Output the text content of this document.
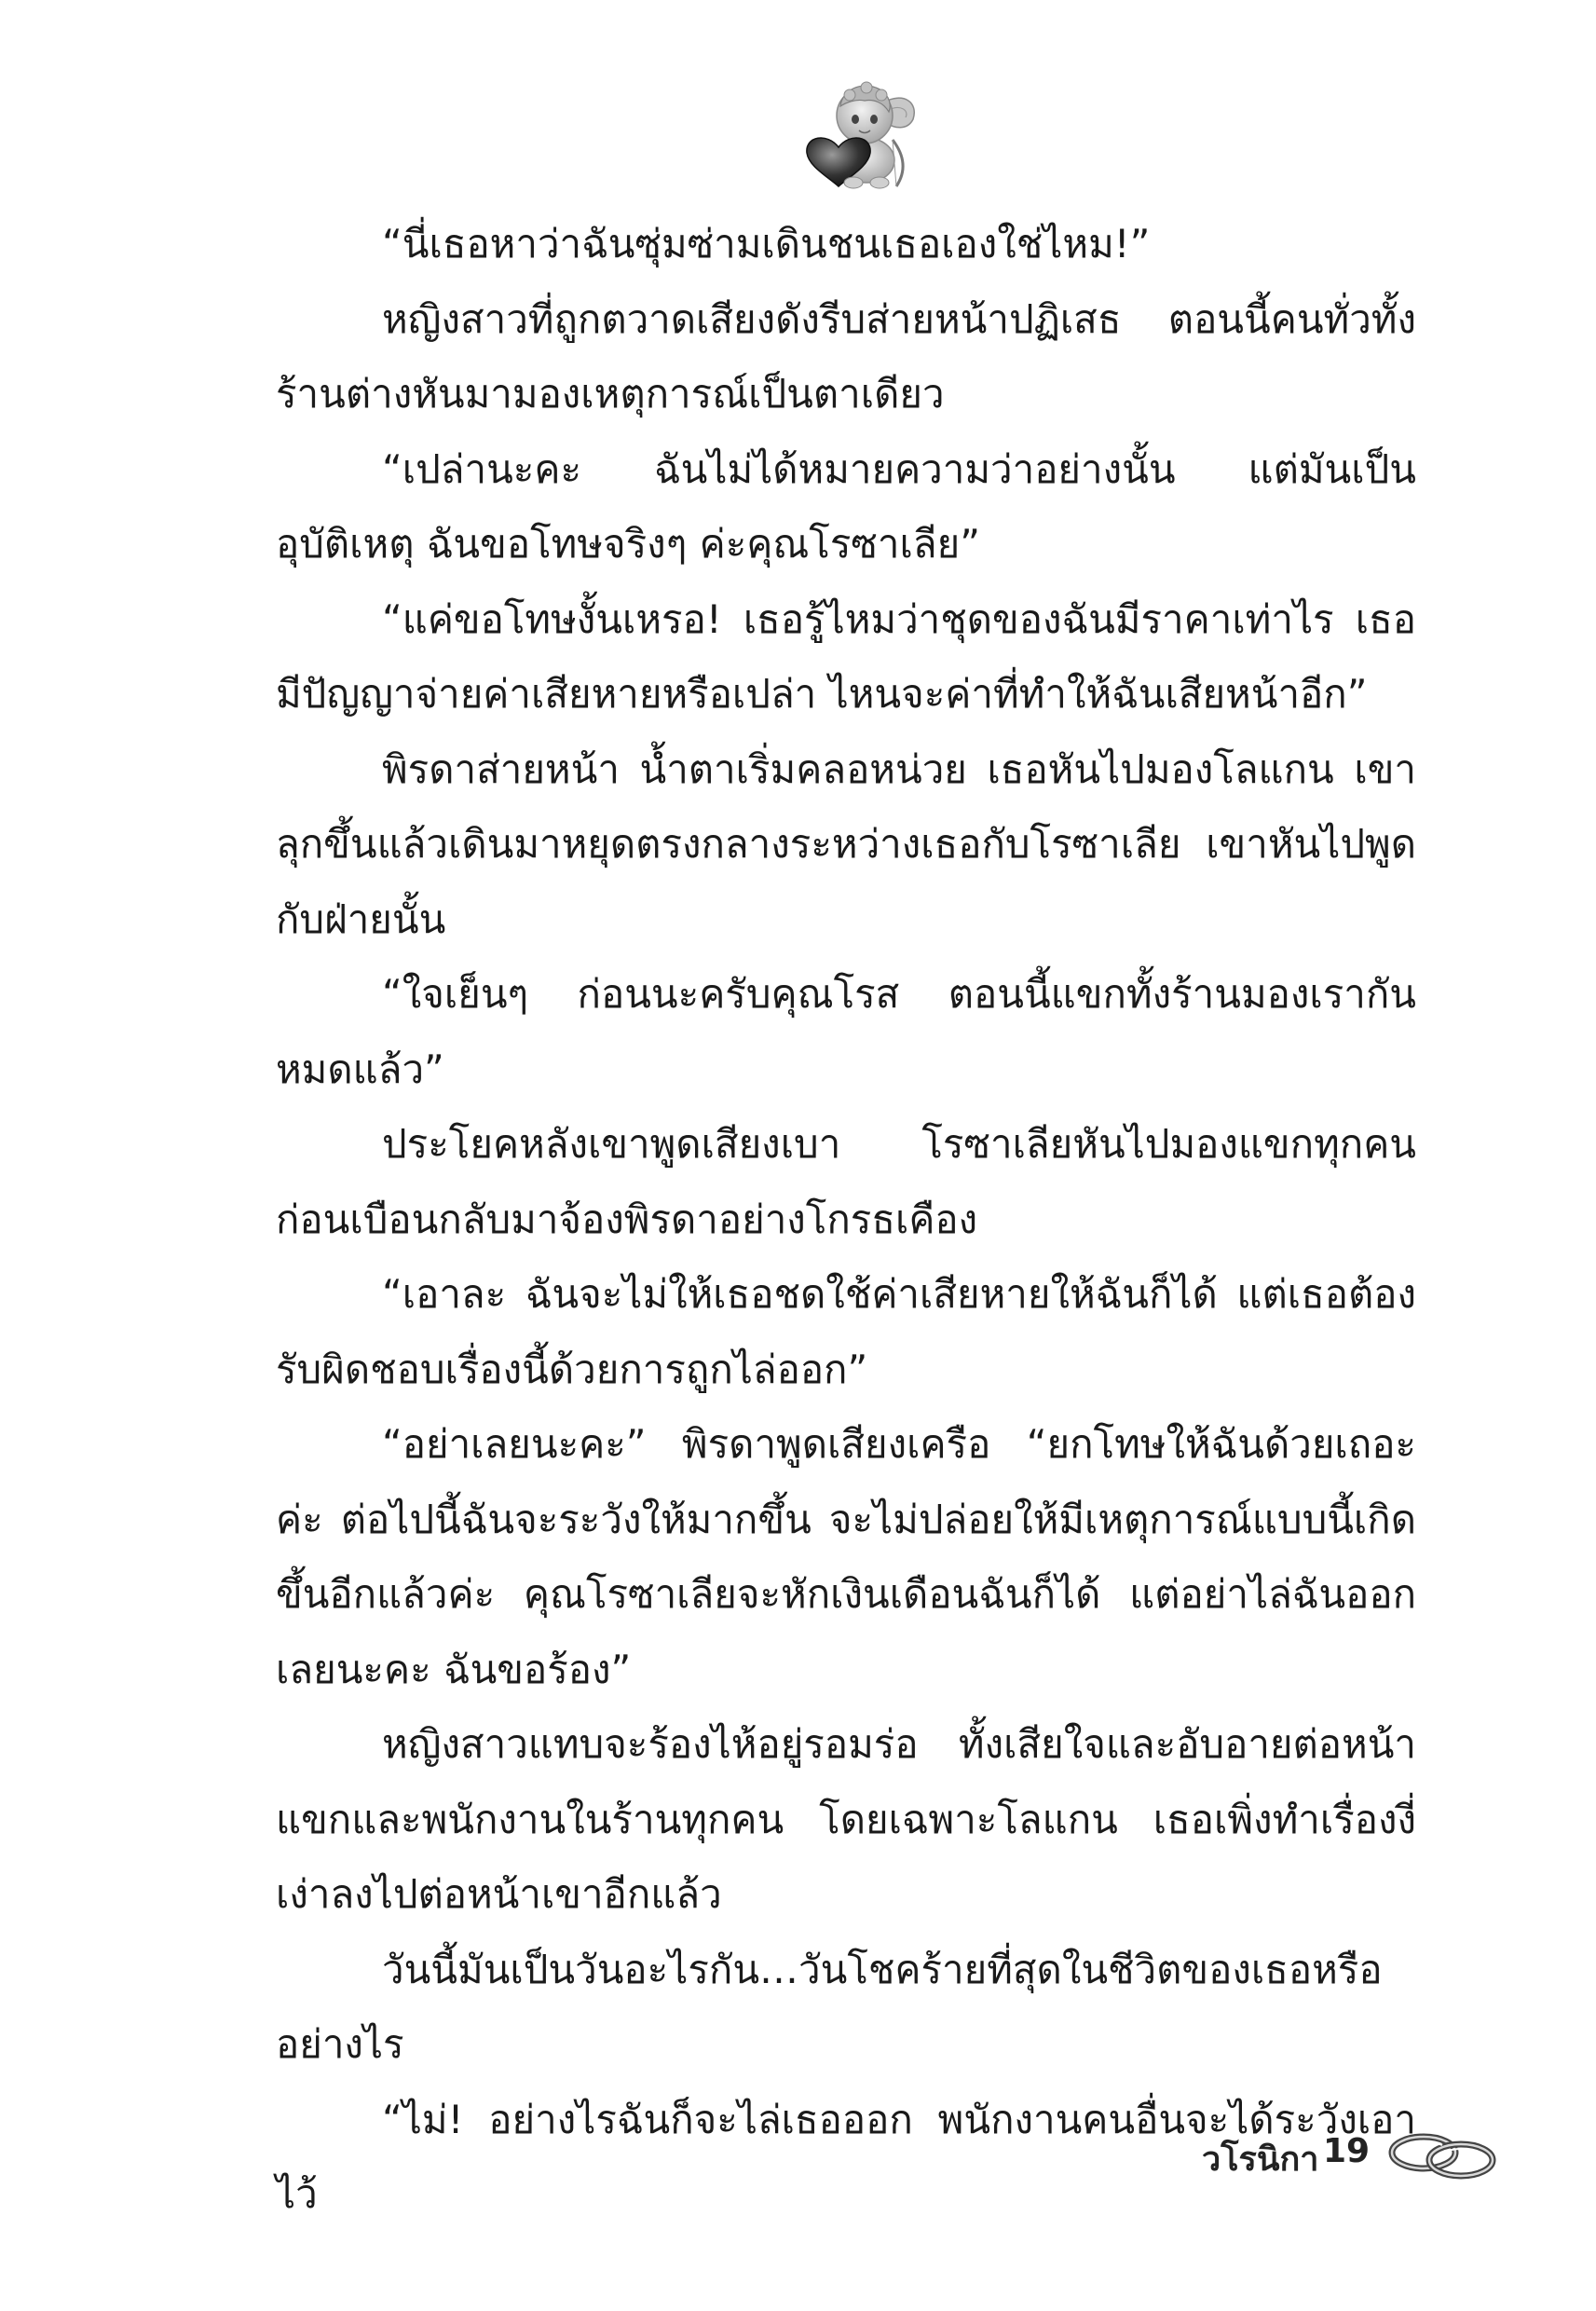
“นี่เธอหาว่าฉันซุ่มซ่ามเดินชนเธอเองใช่ไหม!”

หญิงสาวที่ถูกตวาดเสียงดังรีบส่ายหน้าปฏิเสธ ตอนนี้คนทั่วทั้งร้านต่างหันมามองเหตุการณ์เป็นตาเดียว

“เปล่านะคะ ฉันไม่ได้หมายความว่าอย่างนั้น แต่มันเป็นอุบัติเหตุ ฉันขอโทษจริงๆ ค่ะคุณโรซาเลีย”

“แค่ขอโทษงั้นเหรอ! เธอรู้ไหมว่าชุดของฉันมีราคาเท่าไร เธอมีปัญญาจ่ายค่าเสียหายหรือเปล่า ไหนจะค่าที่ทำให้ฉันเสียหน้าอีก”

พิรดาส่ายหน้า น้ำตาเริ่มคลอหน่วย เธอหันไปมองโลแกน เขาลุกขึ้นแล้วเดินมาหยุดตรงกลางระหว่างเธอกับโรซาเลีย เขาหันไปพูดกับฝ่ายนั้น

“ใจเย็นๆ ก่อนนะครับคุณโรส ตอนนี้แขกทั้งร้านมองเรากันหมดแล้ว”

ประโยคหลังเขาพูดเสียงเบา โรซาเลียหันไปมองแขกทุกคน ก่อนเบือนกลับมาจ้องพิรดาอย่างโกรธเคือง

“เอาละ ฉันจะไม่ให้เธอชดใช้ค่าเสียหายให้ฉันก็ได้ แต่เธอต้องรับผิดชอบเรื่องนี้ด้วยการถูกไล่ออก”

“อย่าเลยนะคะ” พิรดาพูดเสียงเครือ “ยกโทษให้ฉันด้วยเถอะค่ะ ต่อไปนี้ฉันจะระวังให้มากขึ้น จะไม่ปล่อยให้มีเหตุการณ์แบบนี้เกิดขึ้นอีกแล้วค่ะ คุณโรซาเลียจะหักเงินเดือนฉันก็ได้ แต่อย่าไล่ฉันออกเลยนะคะ ฉันขอร้อง”

หญิงสาวแทบจะร้องไห้อยู่รอมร่อ ทั้งเสียใจและอับอายต่อหน้าแขกและพนักงานในร้านทุกคน โดยเฉพาะโลแกน เธอเพิ่งทำเรื่องงี่เง่าลงไปต่อหน้าเขาอีกแล้ว

วันนี้มันเป็นวันอะไรกัน…วันโชคร้ายที่สุดในชีวิตของเธอหรืออย่างไร

“ไม่! อย่างไรฉันก็จะไล่เธอออก พนักงานคนอื่นจะได้ระวังเอาไว้

วโรนิกา 19
